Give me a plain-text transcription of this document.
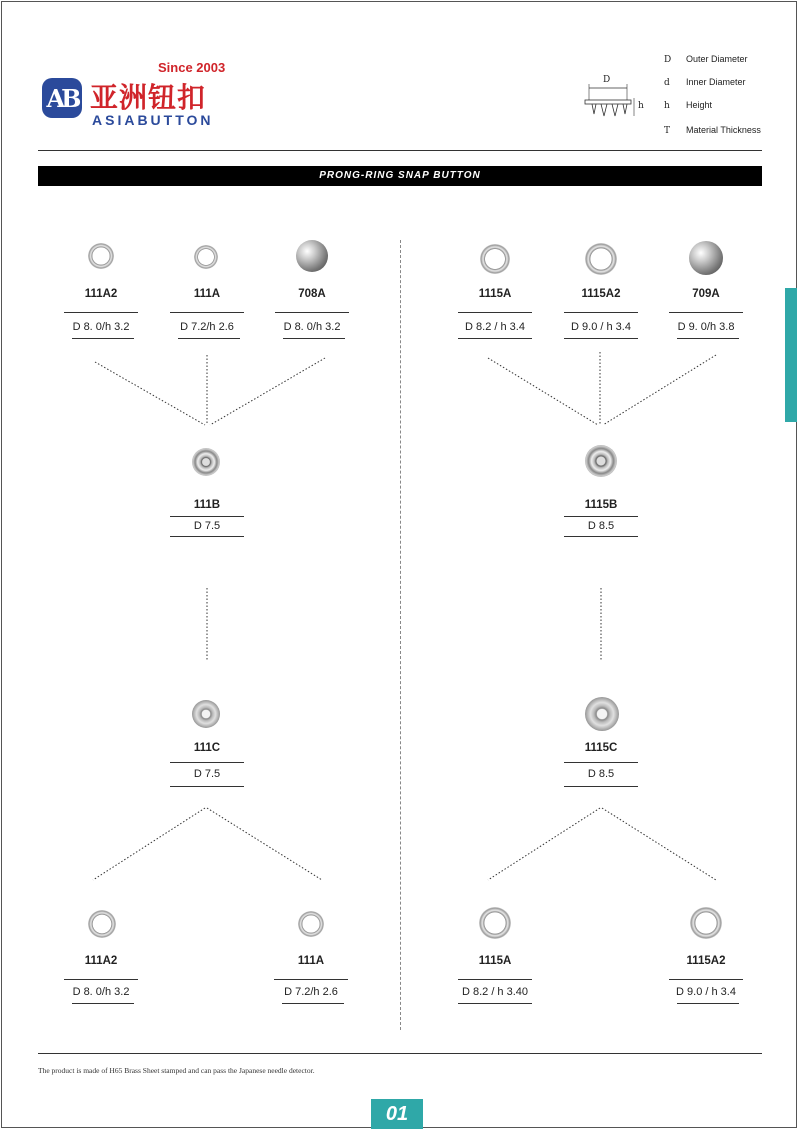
AB
Since 2003
亚洲钮扣
ASIABUTTON
D
h
D Outer Diameter
d Inner Diameter
h Height
T Material Thickness
PRONG-RING SNAP BUTTON
111A2
D 8. 0/h 3.2
111A
D 7.2/h 2.6
708A
D 8. 0/h 3.2
111B
D 7.5
111C
D 7.5
111A2
D 8. 0/h 3.2
111A
D 7.2/h 2.6
1115A
D 8.2 / h 3.4
1115A2
D 9.0 / h 3.4
709A
D 9. 0/h 3.8
1115B
D 8.5
1115C
D 8.5
1115A
D 8.2 / h 3.40
1115A2
D 9.0 / h 3.4
The product is made of H65 Brass Sheet stamped and can pass the Japanese needle detector.
01
